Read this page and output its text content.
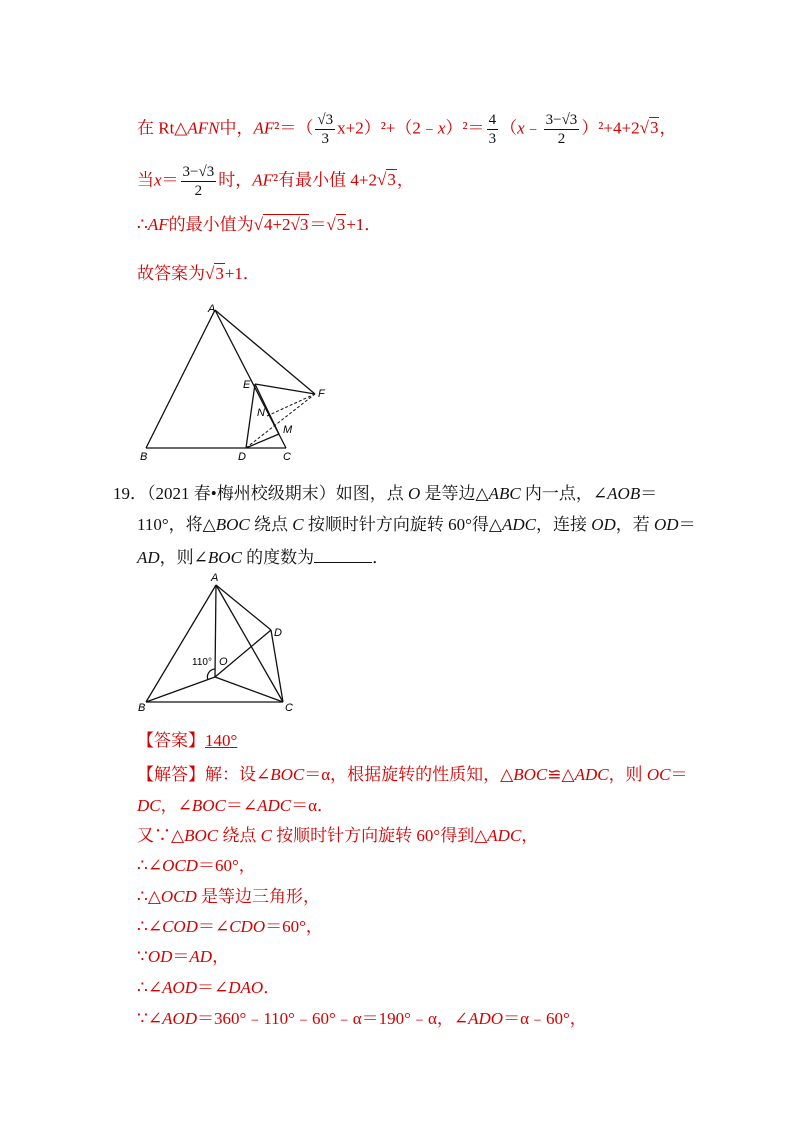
在 Rt△AFN中，$AF^2=( \frac{√3}{3}$ x+2）²+（2﹣x）²＝ $\frac{4}{3}$ （x﹣ $\frac{3-√3}{2} )^2+4+2√3$，
当$x= \frac{3-√3}{2}$ 时，AF²有最小值 4+2√3，
∴AF的最小值为√4+2√3＝√3+1．
故答案为√3+1．
A
B	C
D
E
F
N
M
19．（2021 春•梅州校级期末）如图，点 O 是等边△ABC 内一点，∠AOB＝
110°，将△BOC 绕点 C 按顺时针方向旋转 60°得△ADC，连接 OD，若 OD＝
AD，则∠BOC 的度数为	．
A
B	C
D
O
110°
【答案】140°
【解答】解：设∠BOC＝α，根据旋转的性质知，△BOC≌△ADC，则 OC＝
DC，∠BOC＝∠ADC＝α．
又∵△BOC 绕点 C 按顺时针方向旋转 60°得到△ADC，
∴∠OCD＝60°，
∴△OCD 是等边三角形，
∴∠COD＝∠CDO＝60°，
∵OD＝AD，
∴∠AOD＝∠DAO．
∵∠AOD＝360°﹣110°﹣60°﹣α＝190°﹣α，∠ADO＝α﹣60°，
